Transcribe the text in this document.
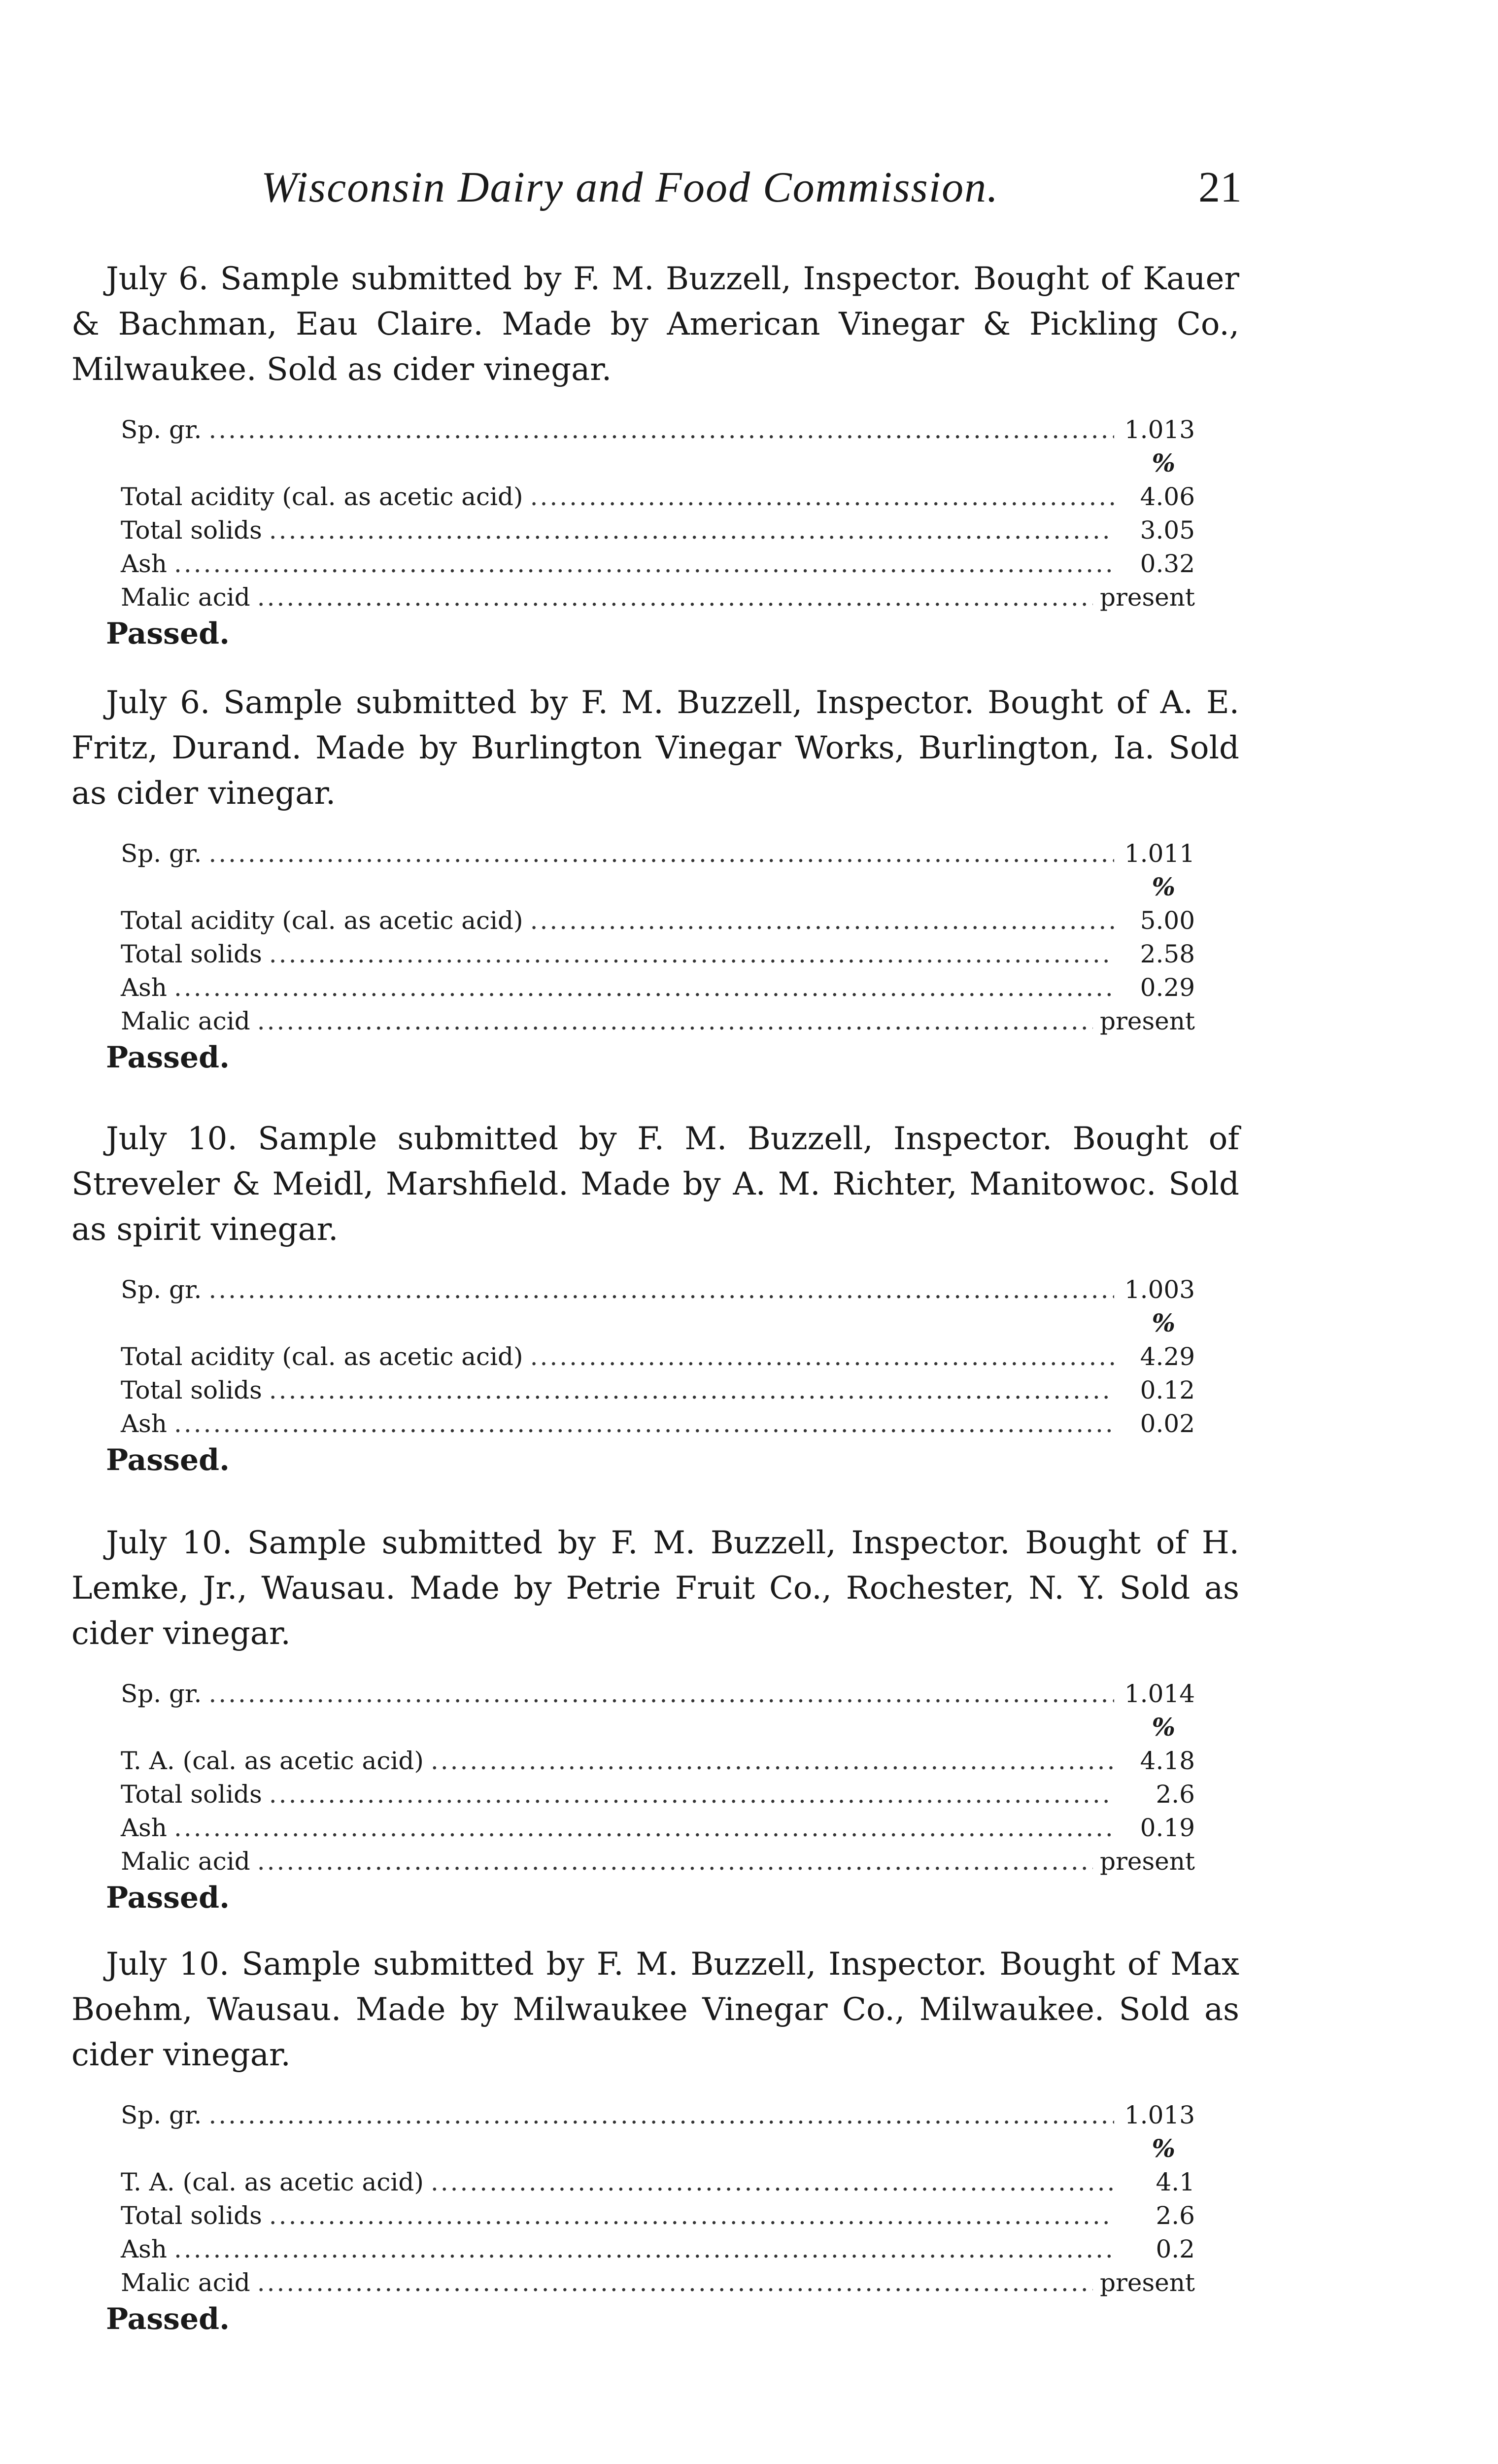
Wisconsin Dairy and Food Commission.	21

July 6. Sample submitted by F. M. Buzzell, Inspector. Bought of Kauer & Bachman, Eau Claire. Made by American Vinegar & Pickling Co., Milwaukee. Sold as cider vinegar.

Sp. gr. .....	1.013
%
Total acidity (cal. as acetic acid) .....	4.06
Total solids .....	3.05
Ash .....	0.32
Malic acid .....	present
Passed.

July 6. Sample submitted by F. M. Buzzell, Inspector. Bought of A. E. Fritz, Durand. Made by Burlington Vinegar Works, Burlington, Ia. Sold as cider vinegar.

Sp. gr. .....	1.011
%
Total acidity (cal. as acetic acid) .....	5.00
Total solids .....	2.58
Ash .....	0.29
Malic acid .....	present
Passed.

July 10. Sample submitted by F. M. Buzzell, Inspector. Bought of Streveler & Meidl, Marshfield. Made by A. M. Richter, Manitowoc. Sold as spirit vinegar.

Sp. gr. .....	1.003
%
Total acidity (cal. as acetic acid) .....	4.29
Total solids .....	0.12
Ash .....	0.02
Passed.

July 10. Sample submitted by F. M. Buzzell, Inspector. Bought of H. Lemke, Jr., Wausau. Made by Petrie Fruit Co., Rochester, N. Y. Sold as cider vinegar.

Sp. gr. .....	1.014
%
T. A. (cal. as acetic acid) .....	4.18
Total solids .....	2.6
Ash .....	0.19
Malic acid .....	present
Passed.

July 10. Sample submitted by F. M. Buzzell, Inspector. Bought of Max Boehm, Wausau. Made by Milwaukee Vinegar Co., Milwaukee. Sold as cider vinegar.

Sp. gr. .....	1.013
%
T. A. (cal. as acetic acid) .....	4.1
Total solids .....	2.6
Ash .....	0.2
Malic acid .....	present
Passed.
